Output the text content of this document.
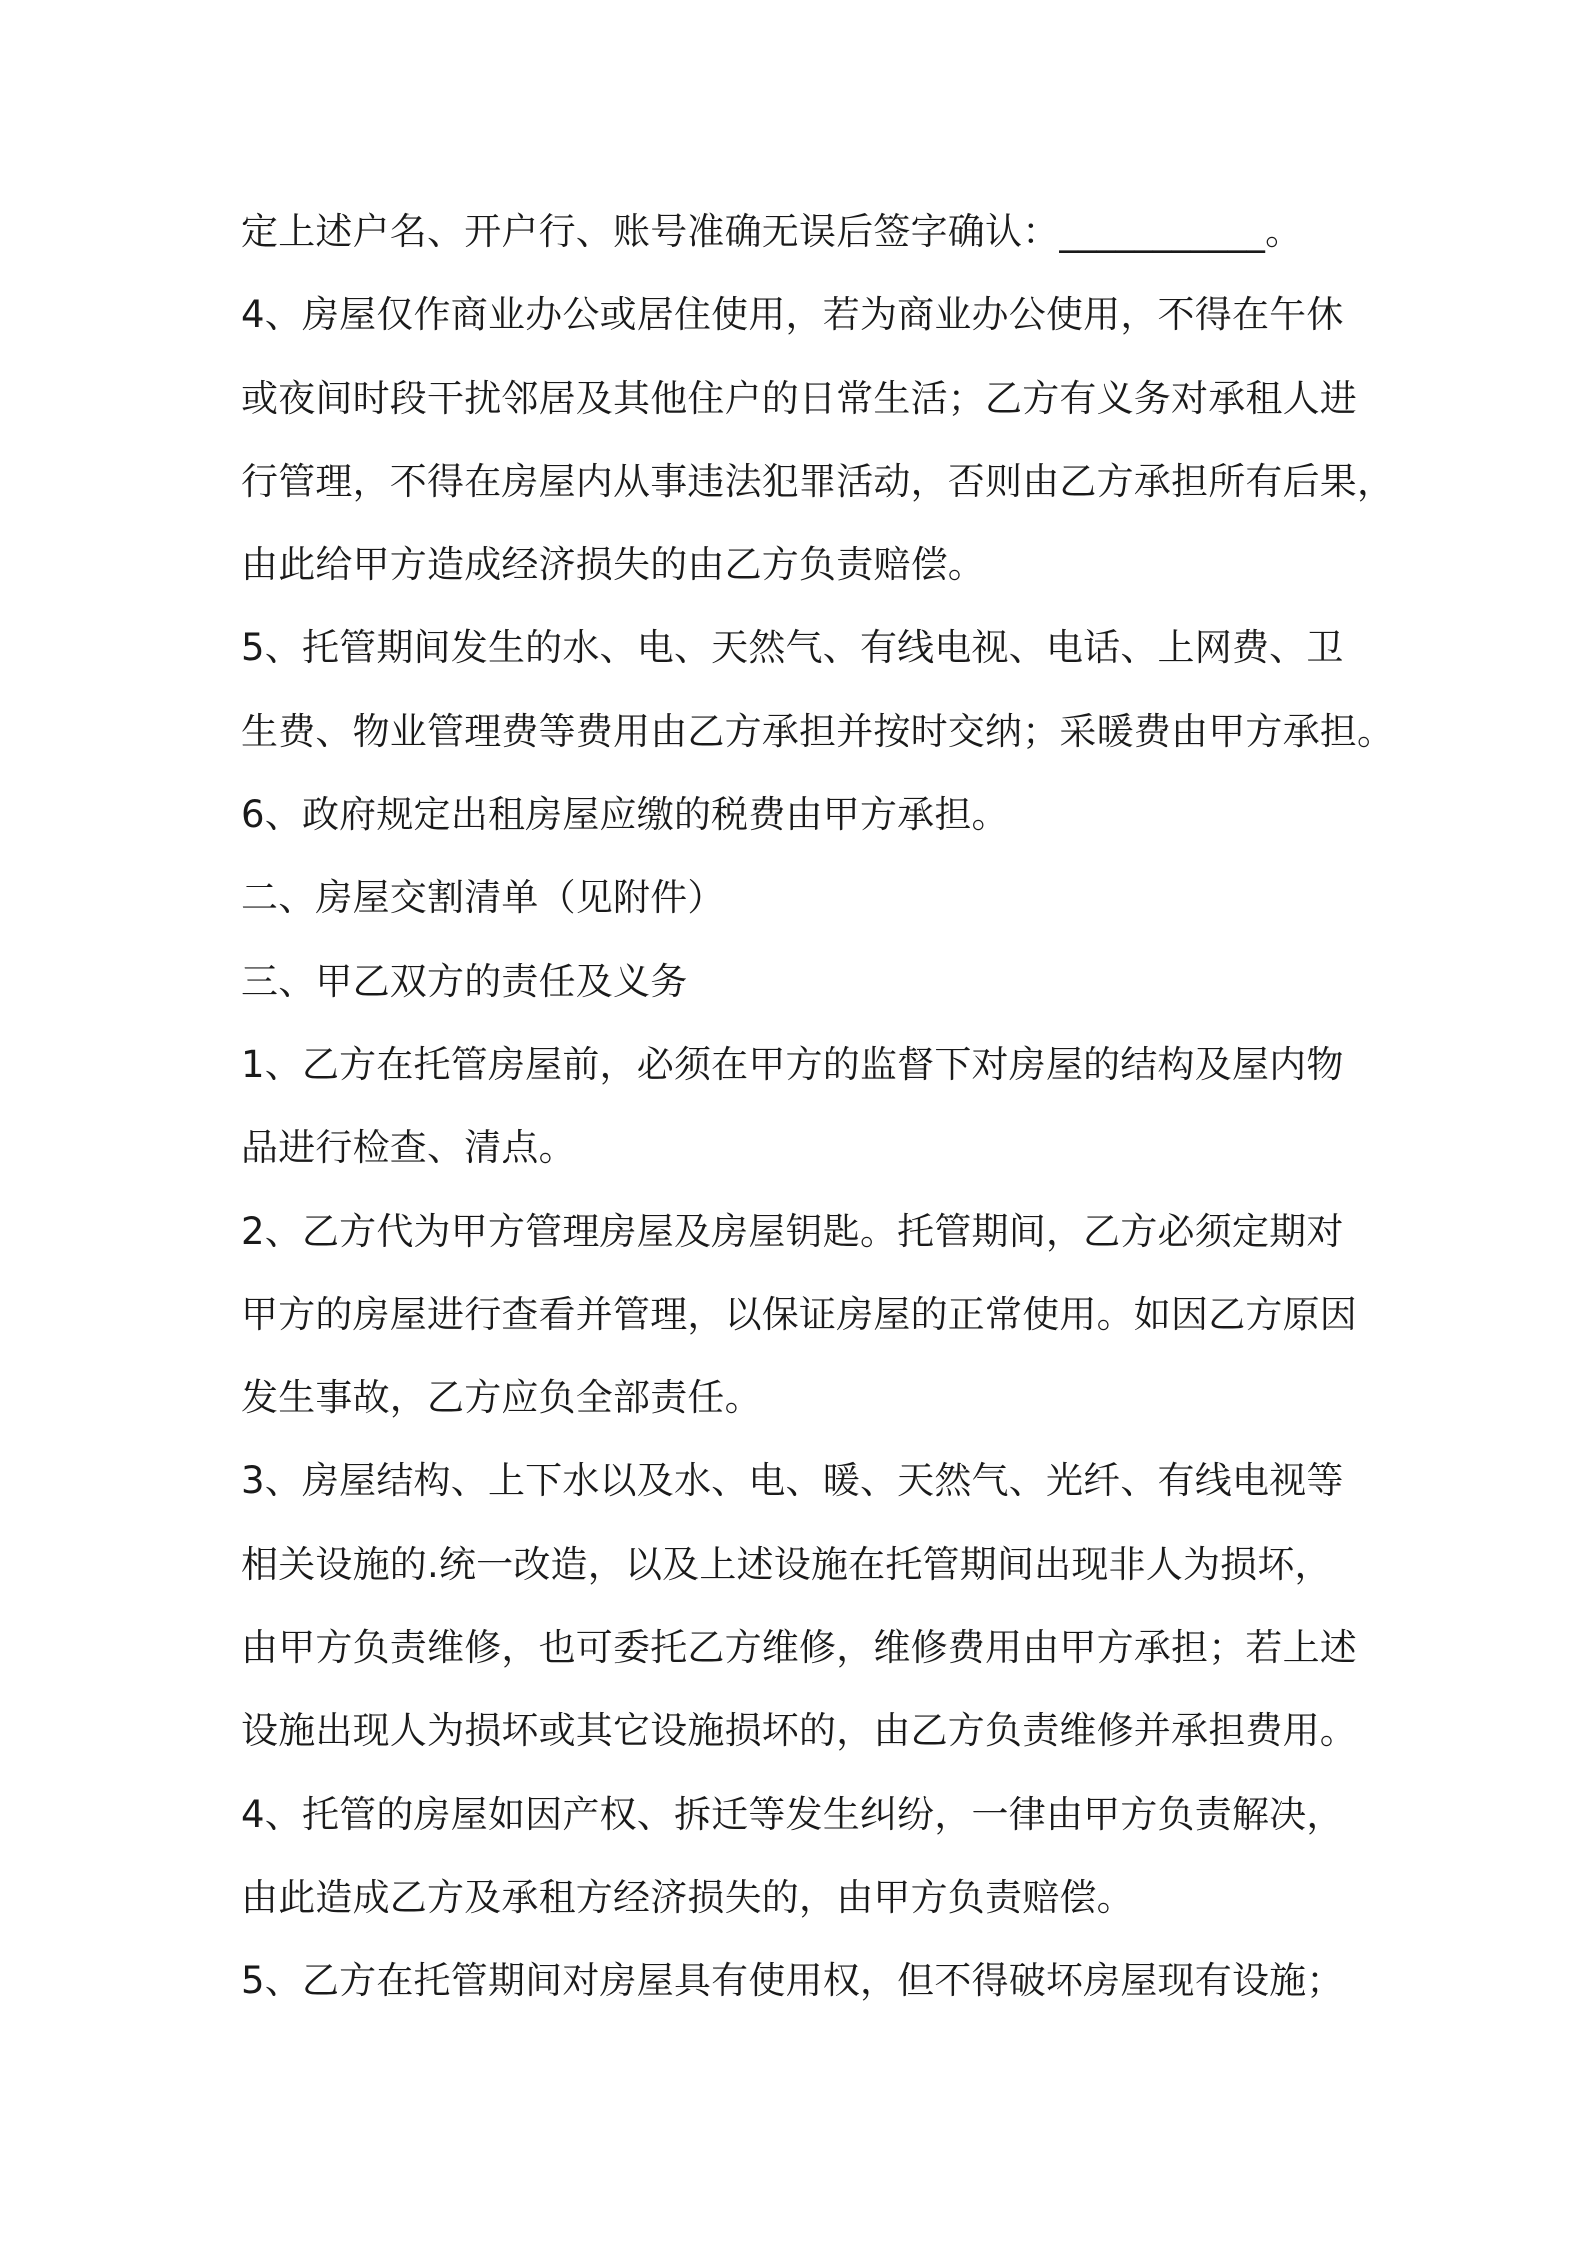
定上述户名、开户行、账号准确无误后签字确认：___________。
4、房屋仅作商业办公或居住使用，若为商业办公使用，不得在午休
或夜间时段干扰邻居及其他住户的日常生活；乙方有义务对承租人进
行管理，不得在房屋内从事违法犯罪活动，否则由乙方承担所有后果，
由此给甲方造成经济损失的由乙方负责赔偿。
5、托管期间发生的水、电、天然气、有线电视、电话、上网费、卫
生费、物业管理费等费用由乙方承担并按时交纳；采暖费由甲方承担。
6、政府规定出租房屋应缴的税费由甲方承担。
二、房屋交割清单（见附件）
三、甲乙双方的责任及义务
1、乙方在托管房屋前，必须在甲方的监督下对房屋的结构及屋内物
品进行检查、清点。
2、乙方代为甲方管理房屋及房屋钥匙。托管期间，乙方必须定期对
甲方的房屋进行查看并管理，以保证房屋的正常使用。如因乙方原因
发生事故，乙方应负全部责任。
3、房屋结构、上下水以及水、电、暖、天然气、光纤、有线电视等
相关设施的.统一改造，以及上述设施在托管期间出现非人为损坏，
由甲方负责维修，也可委托乙方维修，维修费用由甲方承担；若上述
设施出现人为损坏或其它设施损坏的，由乙方负责维修并承担费用。
4、托管的房屋如因产权、拆迁等发生纠纷，一律由甲方负责解决，
由此造成乙方及承租方经济损失的，由甲方负责赔偿。
5、乙方在托管期间对房屋具有使用权，但不得破坏房屋现有设施；
